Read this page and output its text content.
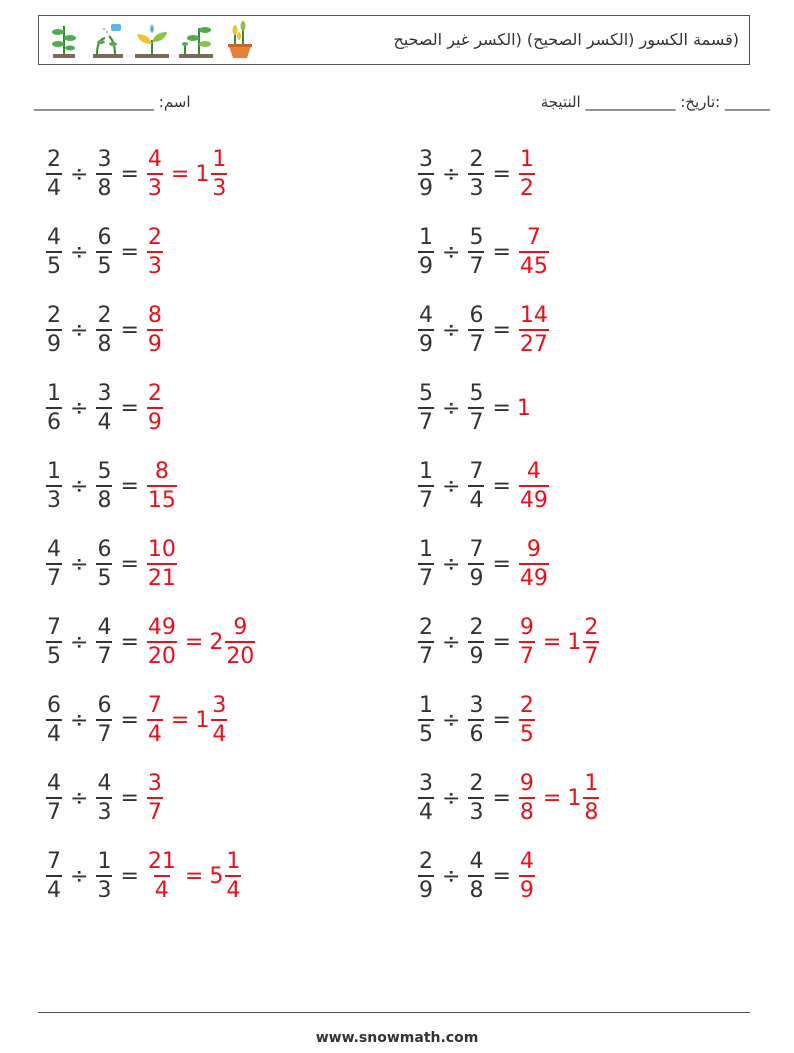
(قسمة الكسور (الكسر الصحيح) (الكسر غير الصحيح
________________ :اسم	______ :تاريخ: ____________ النتيجة
$\frac{2}{4} \div \frac{3}{8} = \frac{4}{3} = 1 \frac{1}{3}$	$\frac{3}{9} \div \frac{2}{3} = \frac{1}{2}$
$\frac{4}{5} \div \frac{6}{5} = \frac{2}{3}$	$\frac{1}{9} \div \frac{5}{7} = \frac{7}{45}$
$\frac{2}{9} \div \frac{2}{8} = \frac{8}{9}$	$\frac{4}{9} \div \frac{6}{7} = \frac{14}{27}$
$\frac{1}{6} \div \frac{3}{4} = \frac{2}{9}$	$\frac{5}{7} \div \frac{5}{7} = 1$
$\frac{1}{3} \div \frac{5}{8} = \frac{8}{15}$	$\frac{1}{7} \div \frac{7}{4} = \frac{4}{49}$
$\frac{4}{7} \div \frac{6}{5} = \frac{10}{21}$	$\frac{1}{7} \div \frac{7}{9} = \frac{9}{49}$
$\frac{7}{5} \div \frac{4}{7} = \frac{49}{20} = 2 \frac{9}{20}$	$\frac{2}{7} \div \frac{2}{9} = \frac{9}{7} = 1 \frac{2}{7}$
$\frac{6}{4} \div \frac{6}{7} = \frac{7}{4} = 1 \frac{3}{4}$	$\frac{1}{5} \div \frac{3}{6} = \frac{2}{5}$
$\frac{4}{7} \div \frac{4}{3} = \frac{3}{7}$	$\frac{3}{4} \div \frac{2}{3} = \frac{9}{8} = 1 \frac{1}{8}$
$\frac{7}{4} \div \frac{1}{3} = \frac{21}{4} = 5 \frac{1}{4}$	$\frac{2}{9} \div \frac{4}{8} = \frac{4}{9}$
www.snowmath.com
